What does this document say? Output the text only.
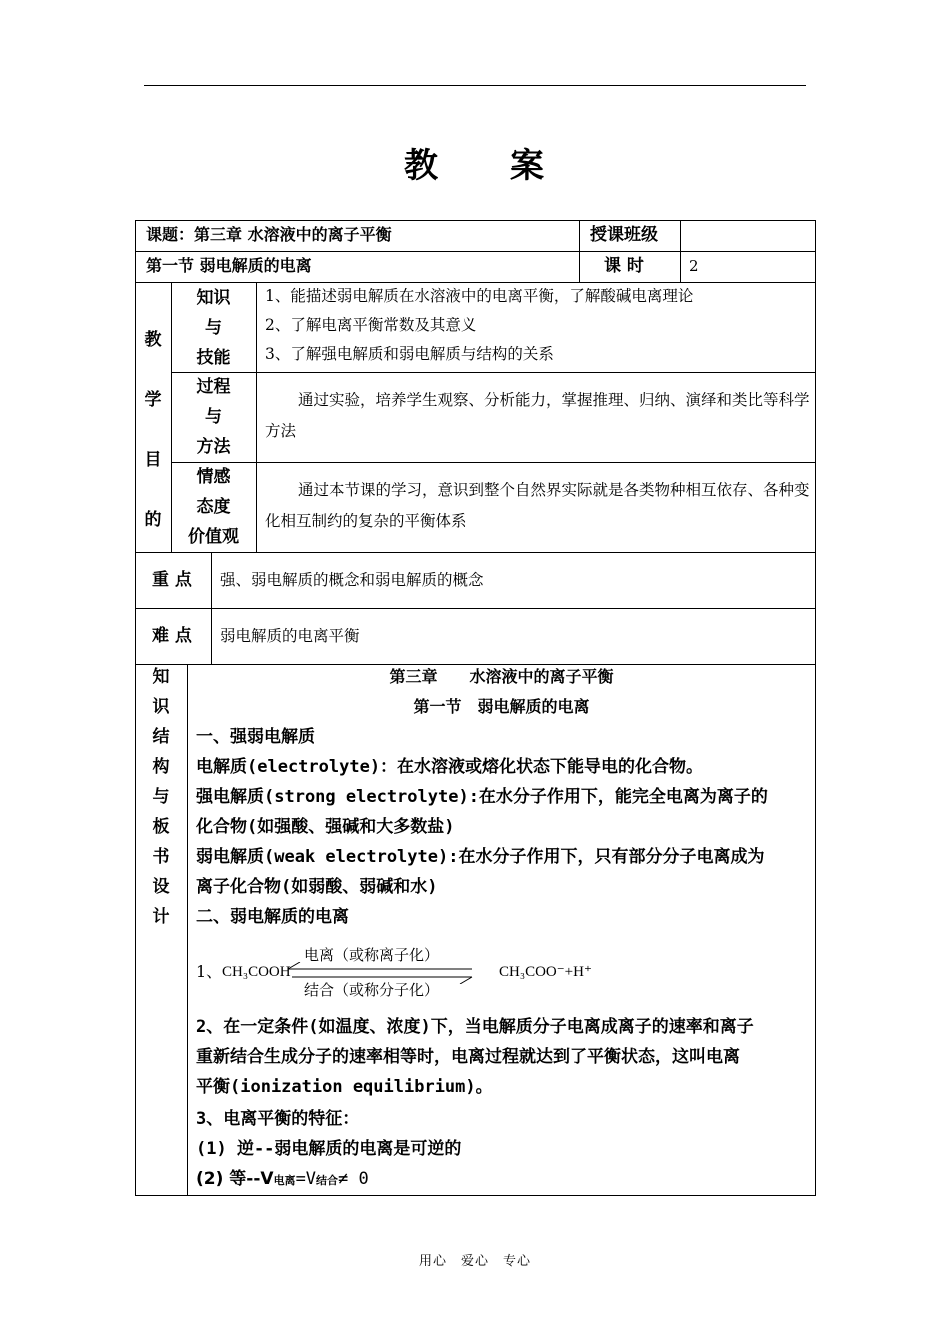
教 案
课题：第三章 水溶液中的离子平衡
第一节 弱电解质的电离
授课班级
课 时	2
教
学
目
的
知识
与
技能
1、能描述弱电解质在水溶液中的电离平衡，了解酸碱电离理论
2、了解电离平衡常数及其意义
3、了解强电解质和弱电解质与结构的关系
过程
与
方法
通过实验，培养学生观察、分析能力，掌握推理、归纳、演绎和类比等科学方法
情感
态度
价值观
通过本节课的学习，意识到整个自然界实际就是各类物种相互依存、各种变化相互制约的复杂的平衡体系
重 点 强、弱电解质的概念和弱电解质的概念
难 点 弱电解质的电离平衡
知
识
结
构
与
板
书
设
计
第三章　　水溶液中的离子平衡
第一节　弱电解质的电离
一、强弱电解质
电解质(electrolyte)：在水溶液或熔化状态下能导电的化合物。
强电解质(strong electrolyte):在水分子作用下，能完全电离为离子的
化合物(如强酸、强碱和大多数盐)
弱电解质(weak electrolyte):在水分子作用下，只有部分分子电离成为
离子化合物(如弱酸、弱碱和水)
二、弱电解质的电离
1、 CH₃COOH
电离（或称离子化）
结合（或称分子化）
CH₃COO⁻+H⁺
2、在一定条件(如温度、浓度)下，当电解质分子电离成离子的速率和离子
重新结合生成分子的速率相等时，电离过程就达到了平衡状态，这叫电离
平衡(ionization equilibrium)。
3、电离平衡的特征：
(1) 逆--弱电解质的电离是可逆的
(2) 等--V电离=V结合≠ 0
用心　爱心　专心
